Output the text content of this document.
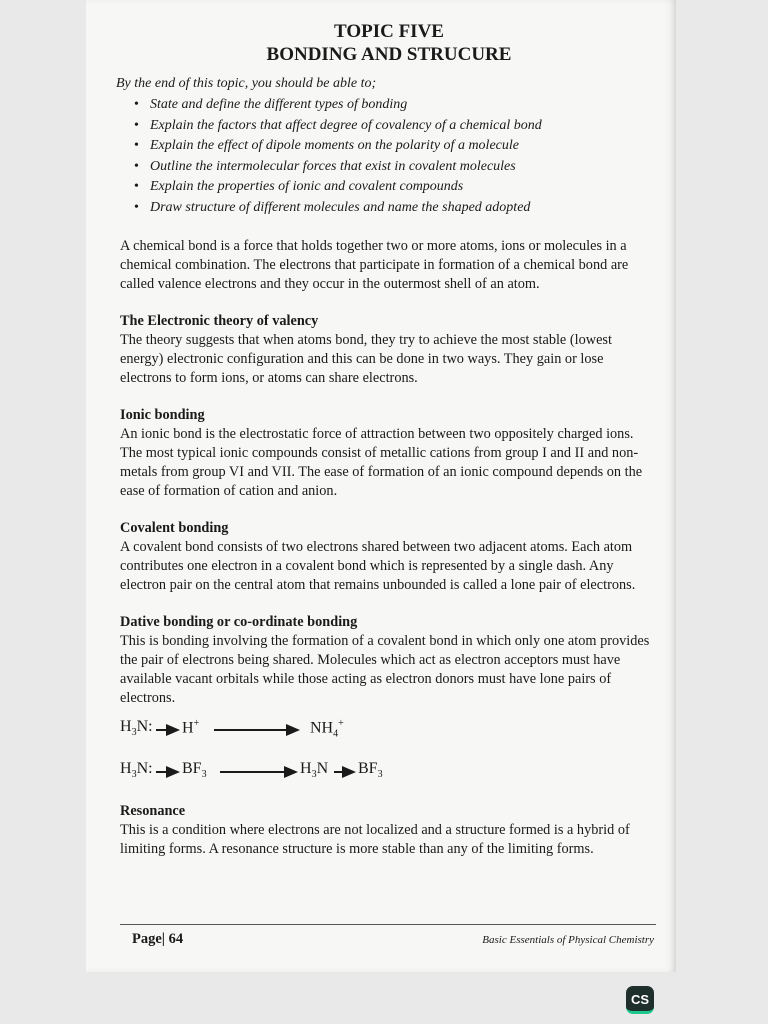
TOPIC FIVE
BONDING AND STRUCURE
By the end of this topic, you should be able to;
• State and define the different types of bonding
• Explain the factors that affect degree of covalency of a chemical bond
• Explain the effect of dipole moments on the polarity of a molecule
• Outline the intermolecular forces that exist in covalent molecules
• Explain the properties of ionic and covalent compounds
• Draw structure of different molecules and name the shaped adopted

A chemical bond is a force that holds together two or more atoms, ions or molecules in a chemical combination. The electrons that participate in formation of a chemical bond are called valence electrons and they occur in the outermost shell of an atom.

The Electronic theory of valency

The theory suggests that when atoms bond, they try to achieve the most stable (lowest energy) electronic configuration and this can be done in two ways. They gain or lose electrons to form ions, or atoms can share electrons.

Ionic bonding

An ionic bond is the electrostatic force of attraction between two oppositely charged ions. The most typical ionic compounds consist of metallic cations from group I and II and non-metals from group VI and VII. The ease of formation of an ionic compound depends on the ease of formation of cation and anion.

Covalent bonding

A covalent bond consists of two electrons shared between two adjacent atoms. Each atom contributes one electron in a covalent bond which is represented by a single dash. Any electron pair on the central atom that remains unbounded is called a lone pair of electrons.

Dative bonding or co-ordinate bonding

This is bonding involving the formation of a covalent bond in which only one atom provides the pair of electrons being shared. Molecules which act as electron acceptors must have available vacant orbitals while those acting as electron donors must have lone pairs of electrons.

$H_3N$: H+	$NH_4^+$
$H_3N$: $BF_3$	$H_3N$ $BF_3$
Resonance

This is a condition where electrons are not localized and a structure formed is a hybrid of limiting forms. A resonance structure is more stable than any of the limiting forms.

Page| 64	Basic Essentials of Physical Chemistry
CS
